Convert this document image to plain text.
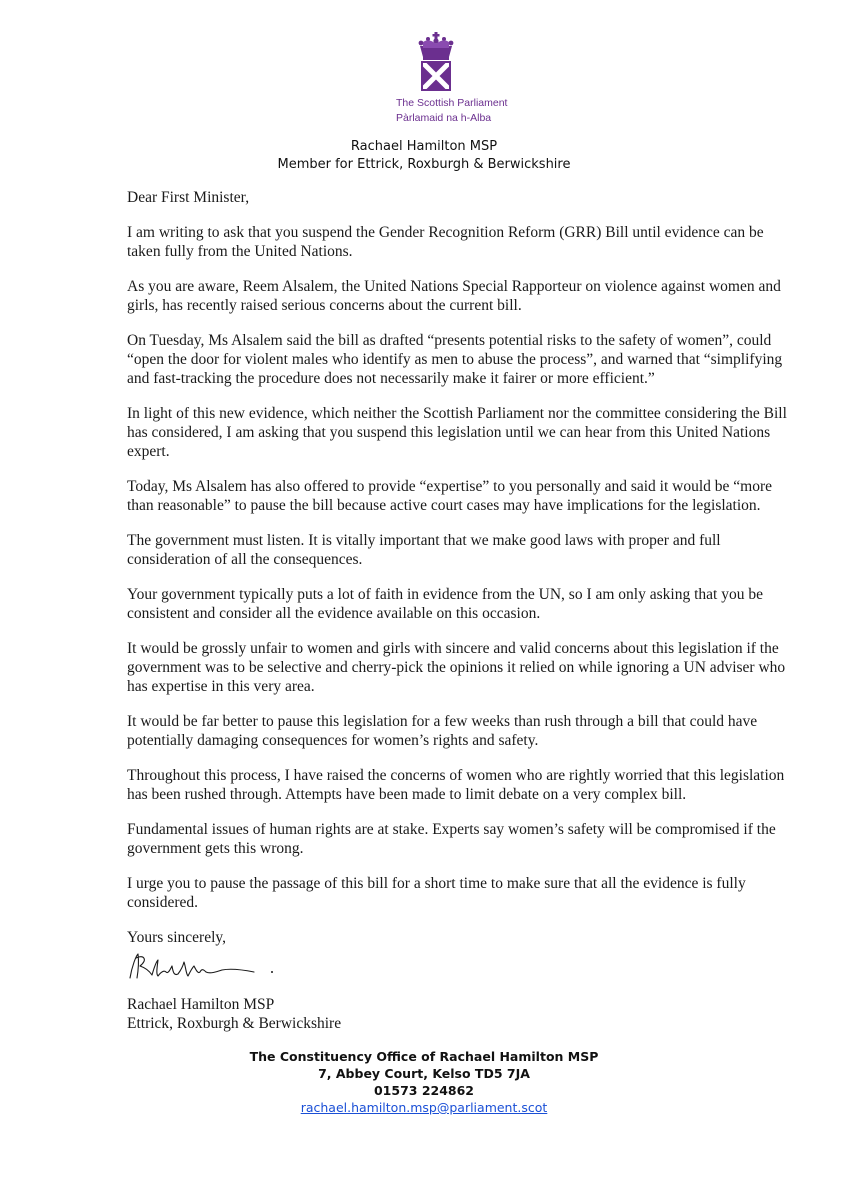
The Scottish Parliament
Pàrlamaid na h-Alba
Rachael Hamilton MSP
Member for Ettrick, Roxburgh & Berwickshire

Dear First Minister,

I am writing to ask that you suspend the Gender Recognition Reform (GRR) Bill until evidence can be taken fully from the United Nations.

As you are aware, Reem Alsalem, the United Nations Special Rapporteur on violence against women and girls, has recently raised serious concerns about the current bill.

On Tuesday, Ms Alsalem said the bill as drafted “presents potential risks to the safety of women”, could “open the door for violent males who identify as men to abuse the process”, and warned that “simplifying and fast-tracking the procedure does not necessarily make it fairer or more efficient.”

In light of this new evidence, which neither the Scottish Parliament nor the committee considering the Bill has considered, I am asking that you suspend this legislation until we can hear from this United Nations expert.

Today, Ms Alsalem has also offered to provide “expertise” to you personally and said it would be “more than reasonable” to pause the bill because active court cases may have implications for the legislation.

The government must listen. It is vitally important that we make good laws with proper and full consideration of all the consequences.

Your government typically puts a lot of faith in evidence from the UN, so I am only asking that you be consistent and consider all the evidence available on this occasion.

It would be grossly unfair to women and girls with sincere and valid concerns about this legislation if the government was to be selective and cherry-pick the opinions it relied on while ignoring a UN adviser who has expertise in this very area.

It would be far better to pause this legislation for a few weeks than rush through a bill that could have potentially damaging consequences for women’s rights and safety.

Throughout this process, I have raised the concerns of women who are rightly worried that this legislation has been rushed through. Attempts have been made to limit debate on a very complex bill.

Fundamental issues of human rights are at stake. Experts say women’s safety will be compromised if the government gets this wrong.

I urge you to pause the passage of this bill for a short time to make sure that all the evidence is fully considered.

Yours sincerely,

Rachael Hamilton MSP
Ettrick, Roxburgh & Berwickshire
The Constituency Office of Rachael Hamilton MSP
7, Abbey Court, Kelso TD5 7JA
01573 224862
rachael.hamilton.msp@parliament.scot
